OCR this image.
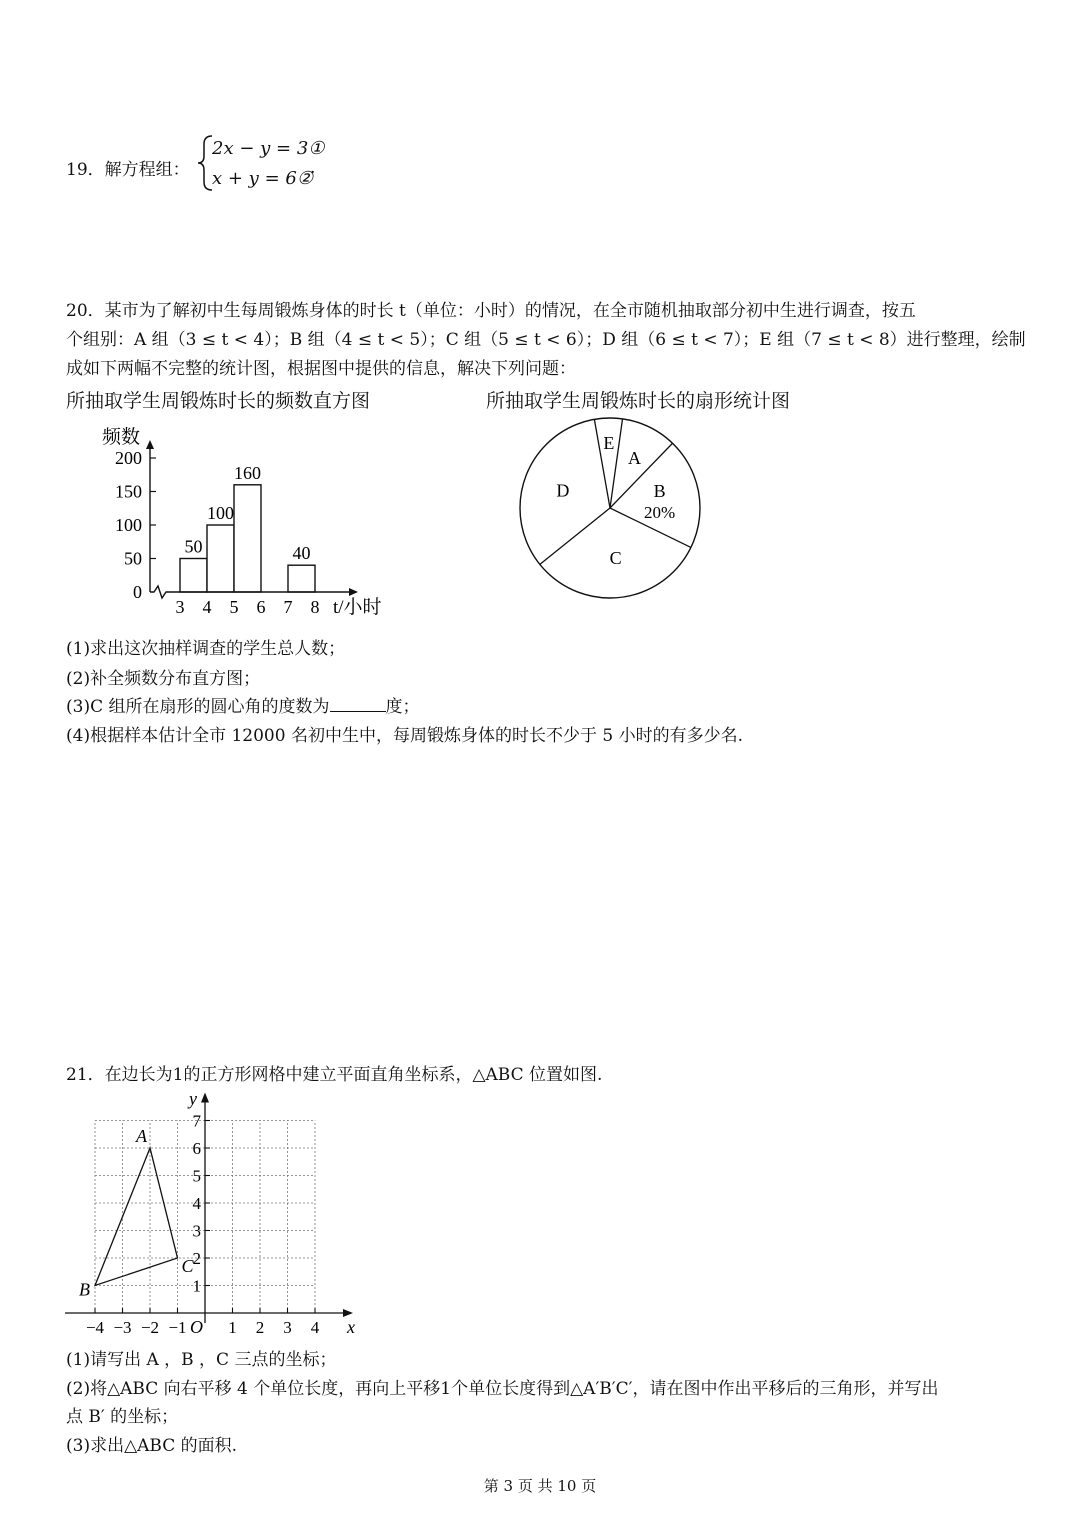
19．解方程组：
2x − y = 3①
x + y = 6②
.
20．某市为了解初中生每周锻炼身体的时长 t（单位：小时）的情况，在全市随机抽取部分初中生进行调查，按五
个组别：A 组（3 ≤ t < 4）；B 组（4 ≤ t < 5）；C 组（5 ≤ t < 6）；D 组（6 ≤ t < 7）；E 组（7 ≤ t < 8）进行整理，绘制
成如下两幅不完整的统计图，根据图中提供的信息，解决下列问题：
所抽取学生周锻炼时长的频数直方图	所抽取学生周锻炼时长的扇形统计图
频数
0
50
100
150
200
3 4 5 6 7 8
50
100
160
40
t/小时
A
B
20%
C
D
E
(1)求出这次抽样调查的学生总人数；
(2)补全频数分布直方图；
(3)C 组所在扇形的圆心角的度数为	度；
(4)根据样本估计全市 12000 名初中生中，每周锻炼身体的时长不少于 5 小时的有多少名.
21．在边长为1的正方形网格中建立平面直角坐标系，△ABC 位置如图.
x
y
O
−4 −3 −2 −1 1 2 3 4
1
2
3
4
5
6
7
A
B
C
(1)请写出 A ，B ，C 三点的坐标；
(2)将△ABC 向右平移 4 个单位长度，再向上平移1个单位长度得到△A′B′C′，请在图中作出平移后的三角形，并写出
点 B′ 的坐标；
(3)求出△ABC 的面积.
第 3 页 共 10 页
